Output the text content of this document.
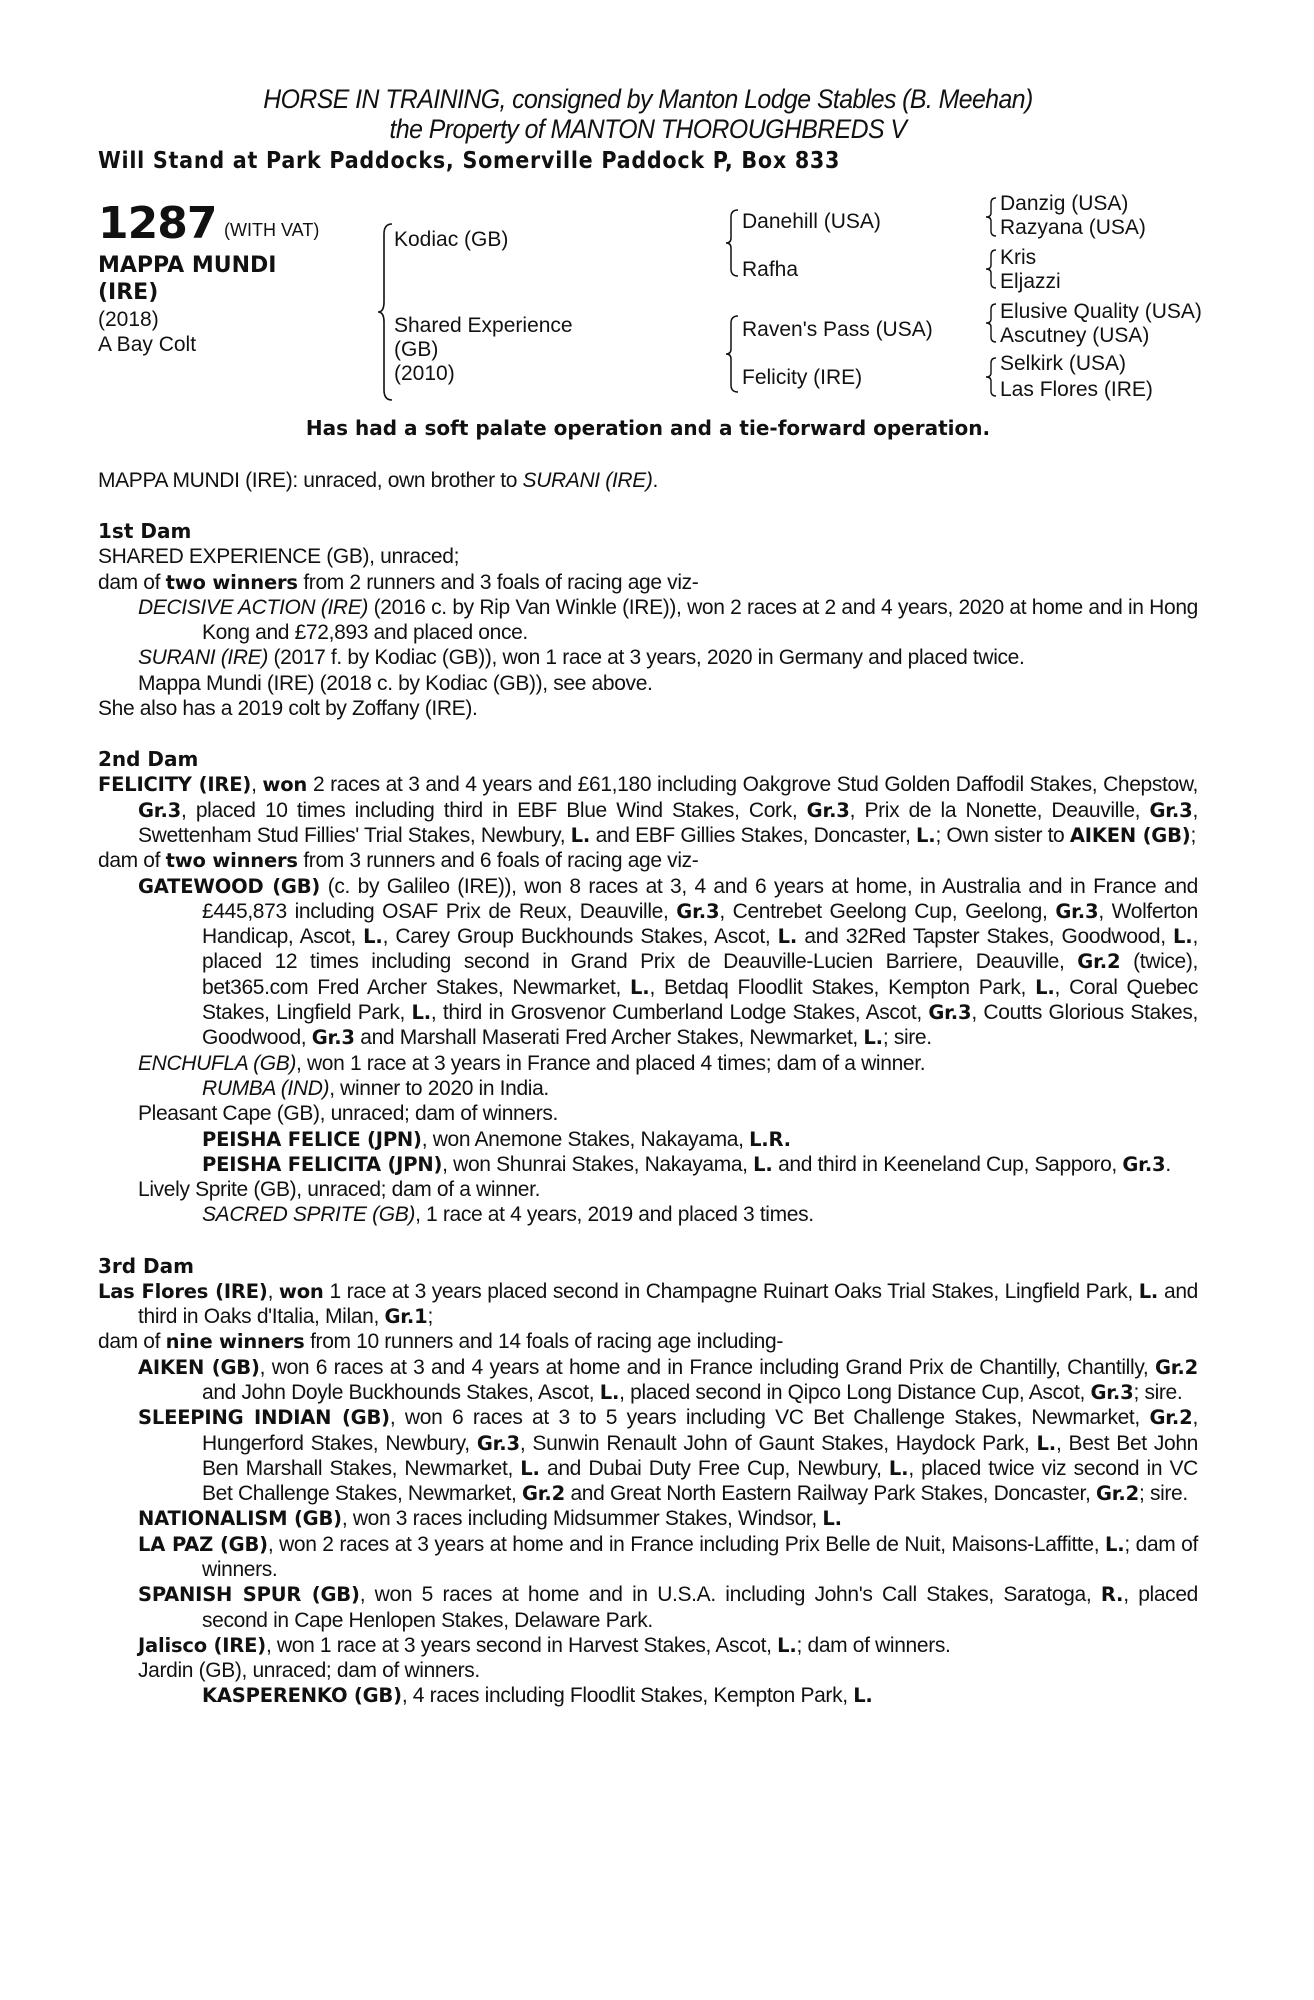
HORSE IN TRAINING, consigned by Manton Lodge Stables (B. Meehan)
the Property of MANTON THOROUGHBREDS V
Will Stand at Park Paddocks, Somerville Paddock P, Box 833
1287 (WITH VAT)
MAPPA MUNDI (IRE)
(2018)
A Bay Colt
Kodiac (GB)
Shared Experience
(GB)
(2010)
Danehill (USA)
Rafha
Raven's Pass (USA)
Felicity (IRE)
Danzig (USA)
Razyana (USA)
Kris
Eljazzi
Elusive Quality (USA)
Ascutney (USA)
Selkirk (USA)
Las Flores (IRE)
Has had a soft palate operation and a tie-forward operation.
MAPPA MUNDI (IRE): unraced, own brother to SURANI (IRE).
1st Dam
SHARED EXPERIENCE (GB), unraced;
dam of two winners from 2 runners and 3 foals of racing age viz-
DECISIVE ACTION (IRE) (2016 c. by Rip Van Winkle (IRE)), won 2 races at 2 and 4 years, 2020 at home and in Hong Kong and £72,893 and placed once.
SURANI (IRE) (2017 f. by Kodiac (GB)), won 1 race at 3 years, 2020 in Germany and placed twice.
Mappa Mundi (IRE) (2018 c. by Kodiac (GB)), see above.
She also has a 2019 colt by Zoffany (IRE).
2nd Dam
FELICITY (IRE), won 2 races at 3 and 4 years and £61,180 including Oakgrove Stud Golden Daffodil Stakes, Chepstow, Gr.3, placed 10 times including third in EBF Blue Wind Stakes, Cork, Gr.3, Prix de la Nonette, Deauville, Gr.3, Swettenham Stud Fillies' Trial Stakes, Newbury, L. and EBF Gillies Stakes, Doncaster, L.; Own sister to AIKEN (GB);
dam of two winners from 3 runners and 6 foals of racing age viz-
GATEWOOD (GB) (c. by Galileo (IRE)), won 8 races at 3, 4 and 6 years at home, in Australia and in France and £445,873 including OSAF Prix de Reux, Deauville, Gr.3, Centrebet Geelong Cup, Geelong, Gr.3, Wolferton Handicap, Ascot, L., Carey Group Buckhounds Stakes, Ascot, L. and 32Red Tapster Stakes, Goodwood, L., placed 12 times including second in Grand Prix de Deauville-Lucien Barriere, Deauville, Gr.2 (twice), bet365.com Fred Archer Stakes, Newmarket, L., Betdaq Floodlit Stakes, Kempton Park, L., Coral Quebec Stakes, Lingfield Park, L., third in Grosvenor Cumberland Lodge Stakes, Ascot, Gr.3, Coutts Glorious Stakes, Goodwood, Gr.3 and Marshall Maserati Fred Archer Stakes, Newmarket, L.; sire.
ENCHUFLA (GB), won 1 race at 3 years in France and placed 4 times; dam of a winner.
RUMBA (IND), winner to 2020 in India.
Pleasant Cape (GB), unraced; dam of winners.
PEISHA FELICE (JPN), won Anemone Stakes, Nakayama, L.R.
PEISHA FELICITA (JPN), won Shunrai Stakes, Nakayama, L. and third in Keeneland Cup, Sapporo, Gr.3.
Lively Sprite (GB), unraced; dam of a winner.
SACRED SPRITE (GB), 1 race at 4 years, 2019 and placed 3 times.
3rd Dam
Las Flores (IRE), won 1 race at 3 years placed second in Champagne Ruinart Oaks Trial Stakes, Lingfield Park, L. and third in Oaks d'Italia, Milan, Gr.1;
dam of nine winners from 10 runners and 14 foals of racing age including-
AIKEN (GB), won 6 races at 3 and 4 years at home and in France including Grand Prix de Chantilly, Chantilly, Gr.2 and John Doyle Buckhounds Stakes, Ascot, L., placed second in Qipco Long Distance Cup, Ascot, Gr.3; sire.
SLEEPING INDIAN (GB), won 6 races at 3 to 5 years including VC Bet Challenge Stakes, Newmarket, Gr.2, Hungerford Stakes, Newbury, Gr.3, Sunwin Renault John of Gaunt Stakes, Haydock Park, L., Best Bet John Ben Marshall Stakes, Newmarket, L. and Dubai Duty Free Cup, Newbury, L., placed twice viz second in VC Bet Challenge Stakes, Newmarket, Gr.2 and Great North Eastern Railway Park Stakes, Doncaster, Gr.2; sire.
NATIONALISM (GB), won 3 races including Midsummer Stakes, Windsor, L.
LA PAZ (GB), won 2 races at 3 years at home and in France including Prix Belle de Nuit, Maisons-Laffitte, L.; dam of winners.
SPANISH SPUR (GB), won 5 races at home and in U.S.A. including John's Call Stakes, Saratoga, R., placed second in Cape Henlopen Stakes, Delaware Park.
Jalisco (IRE), won 1 race at 3 years second in Harvest Stakes, Ascot, L.; dam of winners.
Jardin (GB), unraced; dam of winners.
KASPERENKO (GB), 4 races including Floodlit Stakes, Kempton Park, L.
